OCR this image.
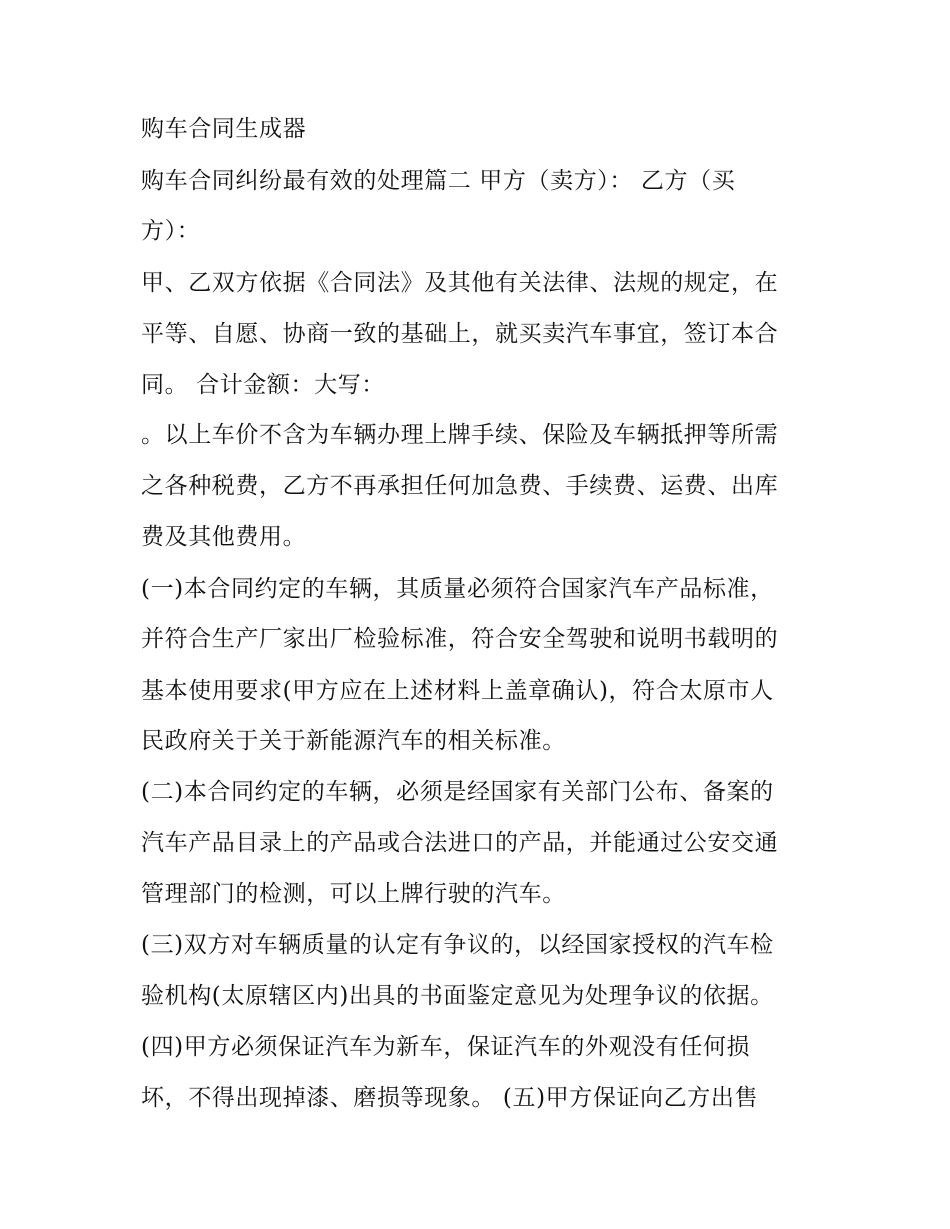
购车合同生成器
购车合同纠纷最有效的处理篇二 甲方（卖方）： 乙方（买
方）：
甲、乙双方依据《合同法》及其他有关法律、法规的规定，在
平等、自愿、协商一致的基础上，就买卖汽车事宜，签订本合
同。 合计金额：大写：
。以上车价不含为车辆办理上牌手续、保险及车辆抵押等所需
之各种税费，乙方不再承担任何加急费、手续费、运费、出库
费及其他费用。
(一)本合同约定的车辆，其质量必须符合国家汽车产品标准，
并符合生产厂家出厂检验标准，符合安全驾驶和说明书载明的
基本使用要求(甲方应在上述材料上盖章确认)，符合太原市人
民政府关于关于新能源汽车的相关标准。
(二)本合同约定的车辆，必须是经国家有关部门公布、备案的
汽车产品目录上的产品或合法进口的产品，并能通过公安交通
管理部门的检测，可以上牌行驶的汽车。
(三)双方对车辆质量的认定有争议的，以经国家授权的汽车检
验机构(太原辖区内)出具的书面鉴定意见为处理争议的依据。
(四)甲方必须保证汽车为新车，保证汽车的外观没有任何损
坏，不得出现掉漆、磨损等现象。 (五)甲方保证向乙方出售
